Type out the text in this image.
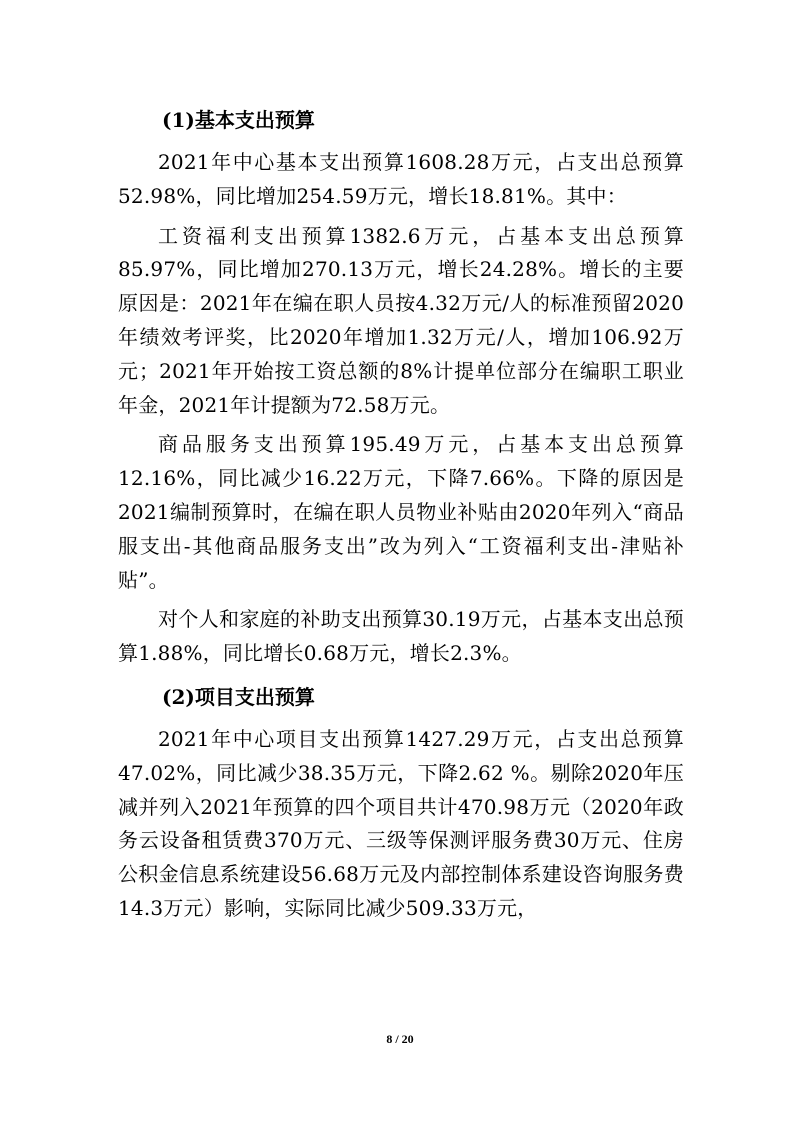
(1)基本支出预算

2021年中心基本支出预算1608.28万元，占支出总预算52.98%，同比增加254.59万元，增长18.81%。其中：

工资福利支出预算1382.6万元，占基本支出总预算85.97%，同比增加270.13万元，增长24.28%。增长的主要原因是：2021年在编在职人员按4.32万元/人的标准预留2020年绩效考评奖，比2020年增加1.32万元/人，增加106.92万元；2021年开始按工资总额的8%计提单位部分在编职工职业年金，2021年计提额为72.58万元。

商品服务支出预算195.49万元，占基本支出总预算12.16%，同比减少16.22万元，下降7.66%。下降的原因是2021编制预算时，在编在职人员物业补贴由2020年列入“商品服支出-其他商品服务支出”改为列入“工资福利支出-津贴补贴”。

对个人和家庭的补助支出预算30.19万元，占基本支出总预算1.88%，同比增长0.68万元，增长2.3%。

(2)项目支出预算

2021年中心项目支出预算1427.29万元，占支出总预算47.02%，同比减少38.35万元，下降2.62 %。剔除2020年压减并列入2021年预算的四个项目共计470.98万元（2020年政务云设备租赁费370万元、三级等保测评服务费30万元、住房公积金信息系统建设56.68万元及内部控制体系建设咨询服务费14.3万元）影响，实际同比减少509.33万元，

8 / 20
